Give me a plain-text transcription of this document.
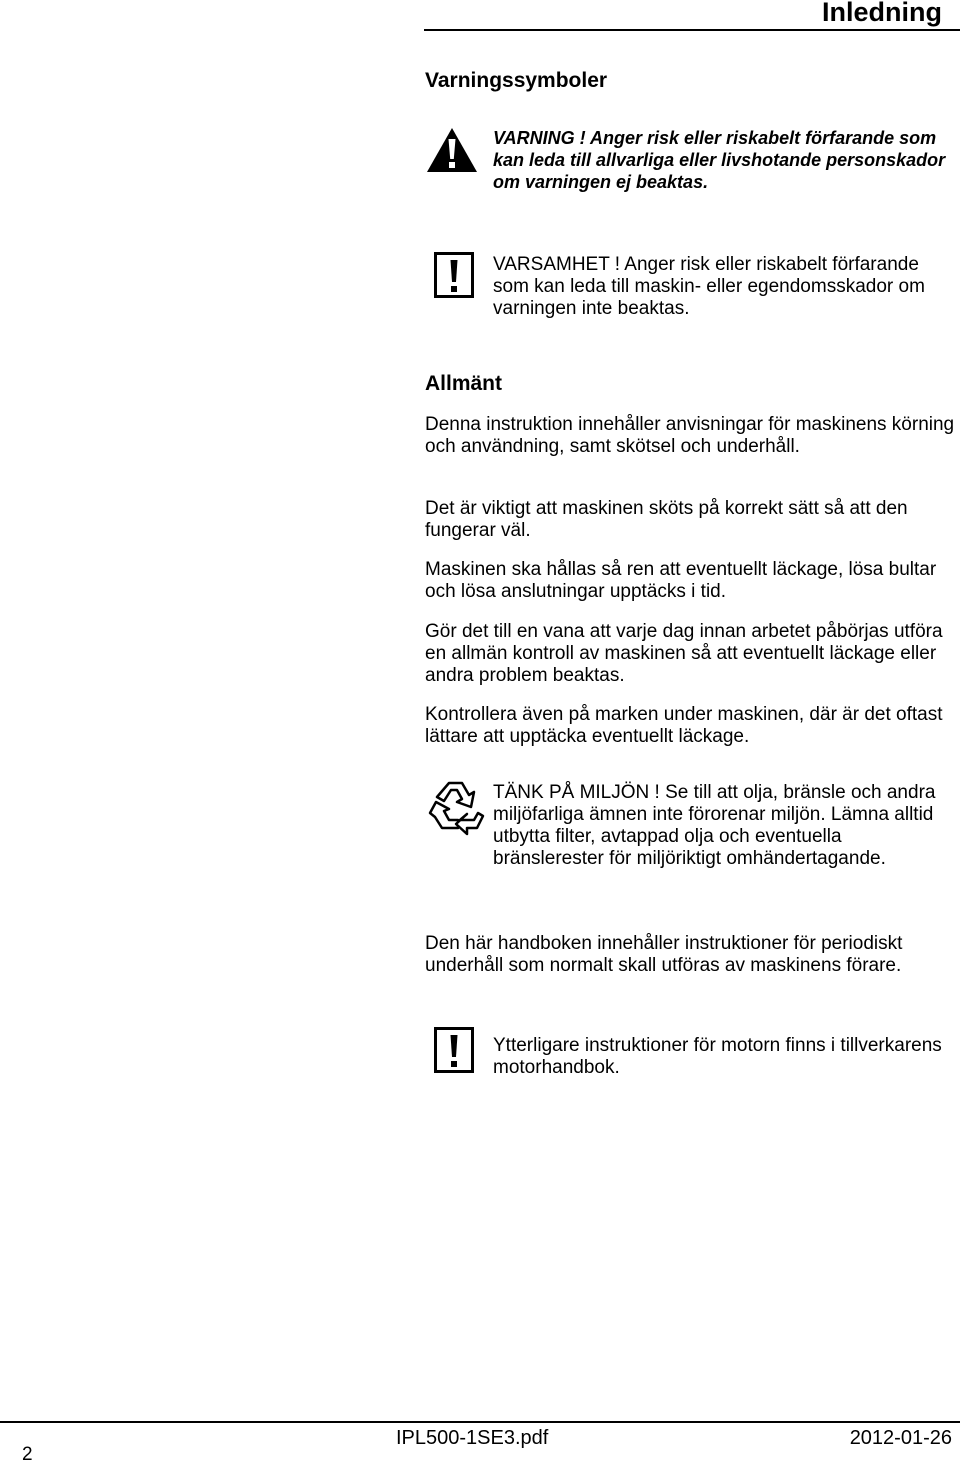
Inledning
Varningssymboler

VARNING ! Anger risk eller riskabelt förfarande som kan leda till allvarliga eller livshotande personskador om varningen ej beaktas.

VARSAMHET ! Anger risk eller riskabelt förfarande som kan leda till maskin- eller egendomsskador om varningen inte beaktas.

Allmänt

Denna instruktion innehåller anvisningar för maskinens körning och användning, samt skötsel och underhåll.

Det är viktigt att maskinen sköts på korrekt sätt så att den fungerar väl.

Maskinen ska hållas så ren att eventuellt läckage, lösa bultar och lösa anslutningar upptäcks i tid.

Gör det till en vana att varje dag innan arbetet påbörjas utföra en allmän kontroll av maskinen så att eventuellt läckage eller andra problem beaktas.

Kontrollera även på marken under maskinen, där är det oftast lättare att upptäcka eventuellt läckage.

TÄNK PÅ MILJÖN ! Se till att olja, bränsle och andra miljöfarliga ämnen inte förorenar miljön. Lämna alltid utbytta filter, avtappad olja och eventuella bränslerester för miljöriktigt omhändertagande.

Den här handboken innehåller instruktioner för periodiskt underhåll som normalt skall utföras av maskinens förare.

Ytterligare instruktioner för motorn finns i tillverkarens motorhandbok.

2
IPL500-1SE3.pdf	2012-01-26
